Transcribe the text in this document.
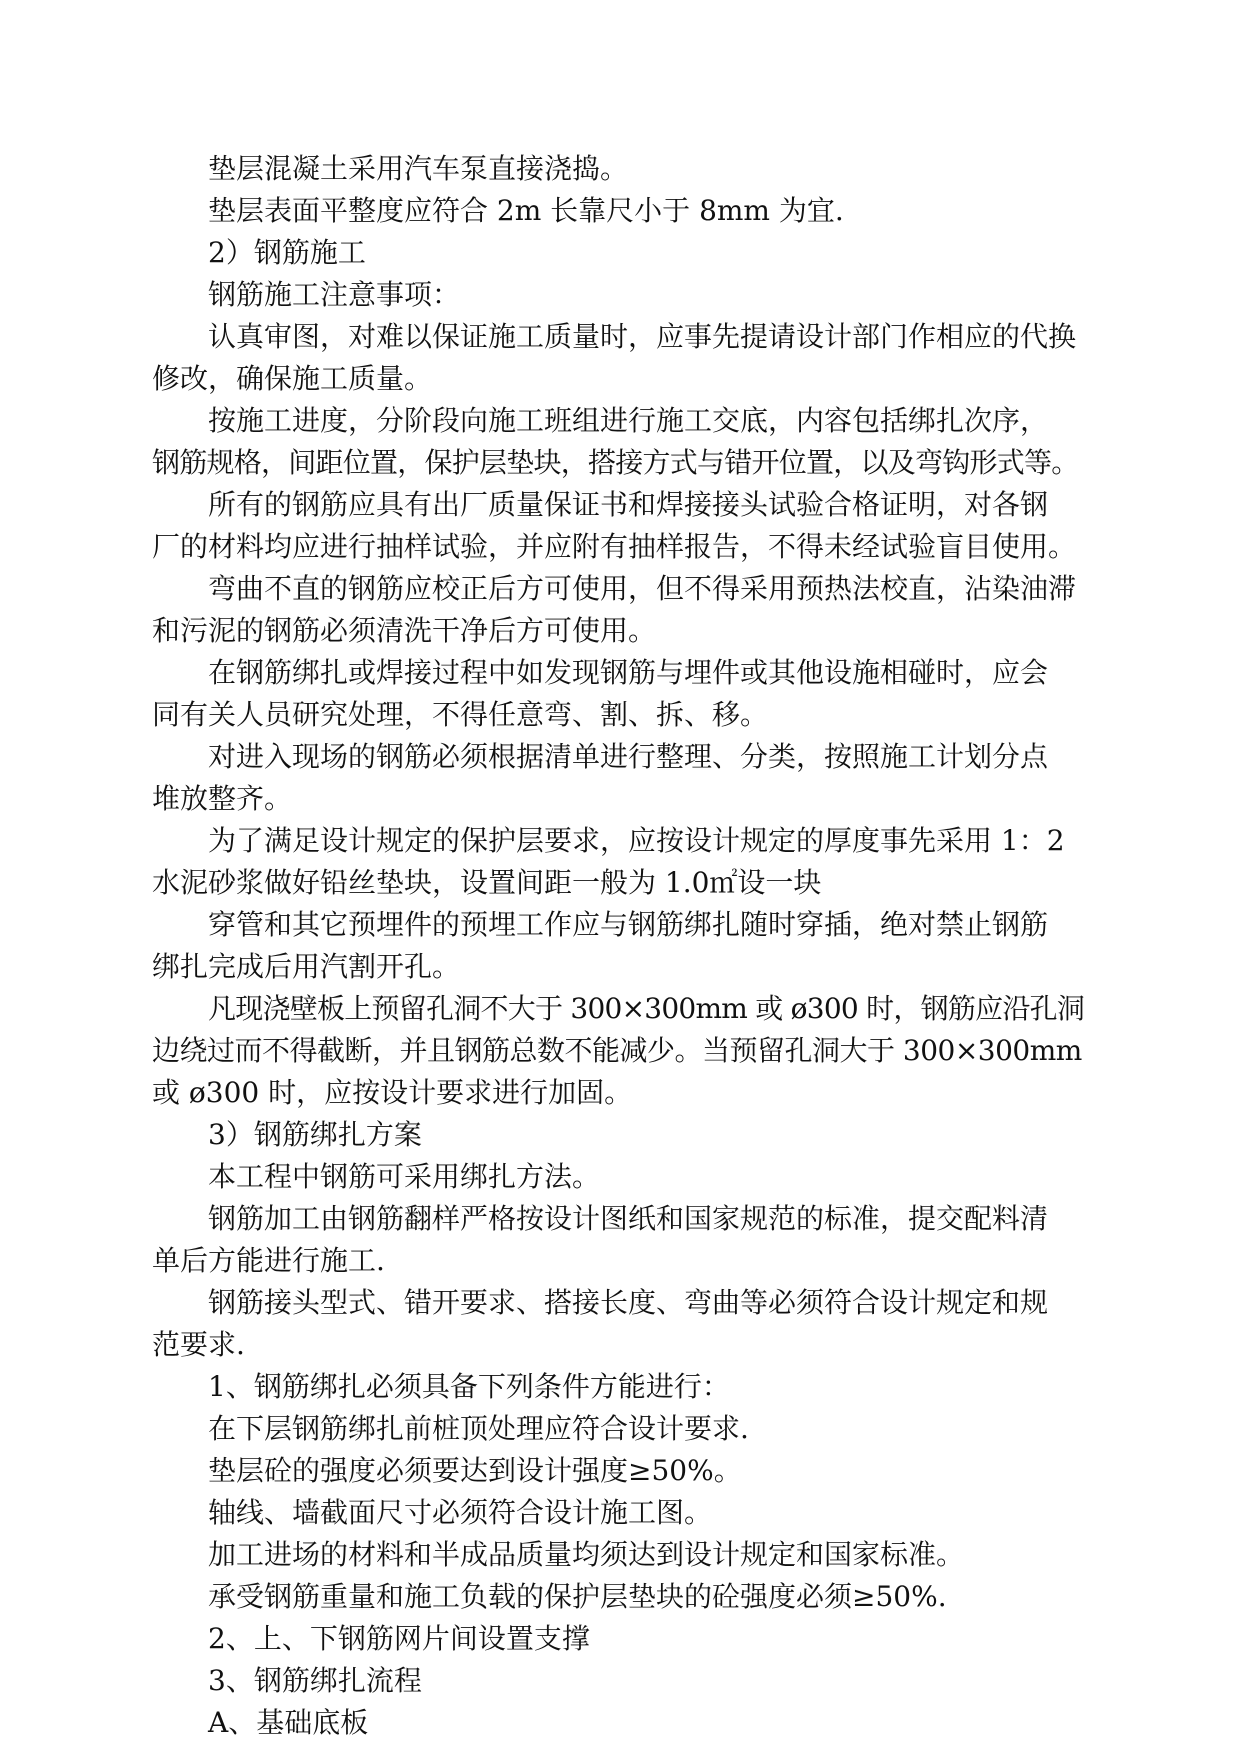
垫层混凝土采用汽车泵直接浇捣。
垫层表面平整度应符合 2m 长靠尺小于 8mm 为宜.
2）钢筋施工
钢筋施工注意事项：
认真审图，对难以保证施工质量时，应事先提请设计部门作相应的代换
修改，确保施工质量。
按施工进度，分阶段向施工班组进行施工交底，内容包括绑扎次序，
钢筋规格，间距位置，保护层垫块，搭接方式与错开位置，以及弯钩形式等。
所有的钢筋应具有出厂质量保证书和焊接接头试验合格证明，对各钢
厂的材料均应进行抽样试验，并应附有抽样报告，不得未经试验盲目使用。
弯曲不直的钢筋应校正后方可使用，但不得采用预热法校直，沾染油滞
和污泥的钢筋必须清洗干净后方可使用。
在钢筋绑扎或焊接过程中如发现钢筋与埋件或其他设施相碰时，应会
同有关人员研究处理，不得任意弯、割、拆、移。
对进入现场的钢筋必须根据清单进行整理、分类，按照施工计划分点
堆放整齐。
为了满足设计规定的保护层要求，应按设计规定的厚度事先采用 1：2
水泥砂浆做好铅丝垫块，设置间距一般为 1.0㎡设一块
穿管和其它预埋件的预埋工作应与钢筋绑扎随时穿插，绝对禁止钢筋
绑扎完成后用汽割开孔。
凡现浇壁板上预留孔洞不大于 300×300mm 或 ø300 时，钢筋应沿孔洞
边绕过而不得截断，并且钢筋总数不能减少。当预留孔洞大于 300×300mm
或 ø300 时，应按设计要求进行加固。
3）钢筋绑扎方案
本工程中钢筋可采用绑扎方法。
钢筋加工由钢筋翻样严格按设计图纸和国家规范的标准，提交配料清
单后方能进行施工.
钢筋接头型式、错开要求、搭接长度、弯曲等必须符合设计规定和规
范要求.
1、钢筋绑扎必须具备下列条件方能进行：
在下层钢筋绑扎前桩顶处理应符合设计要求.
垫层砼的强度必须要达到设计强度≥50%。
轴线、墙截面尺寸必须符合设计施工图。
加工进场的材料和半成品质量均须达到设计规定和国家标准。
承受钢筋重量和施工负载的保护层垫块的砼强度必须≥50%.
2、上、下钢筋网片间设置支撑
3、钢筋绑扎流程
A、基础底板
